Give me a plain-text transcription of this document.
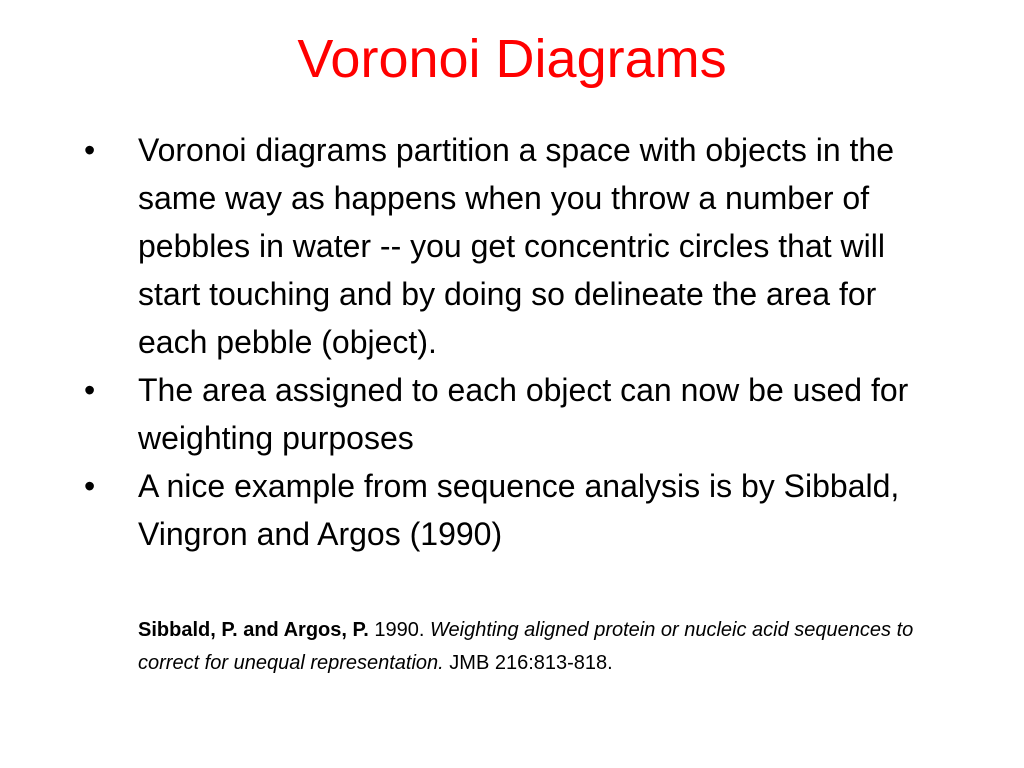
Voronoi Diagrams
•	Voronoi diagrams partition a space with objects in the same way as happens when you throw a number of pebbles in water -- you get concentric circles that will start touching and by doing so delineate the area for each pebble (object).
•	The area assigned to each object can now be used for weighting purposes
•	A nice example from sequence analysis is by Sibbald, Vingron and Argos (1990)

Sibbald, P. and Argos, P. 1990. Weighting aligned protein or nucleic acid sequences to correct for unequal representation. JMB 216:813-818.
